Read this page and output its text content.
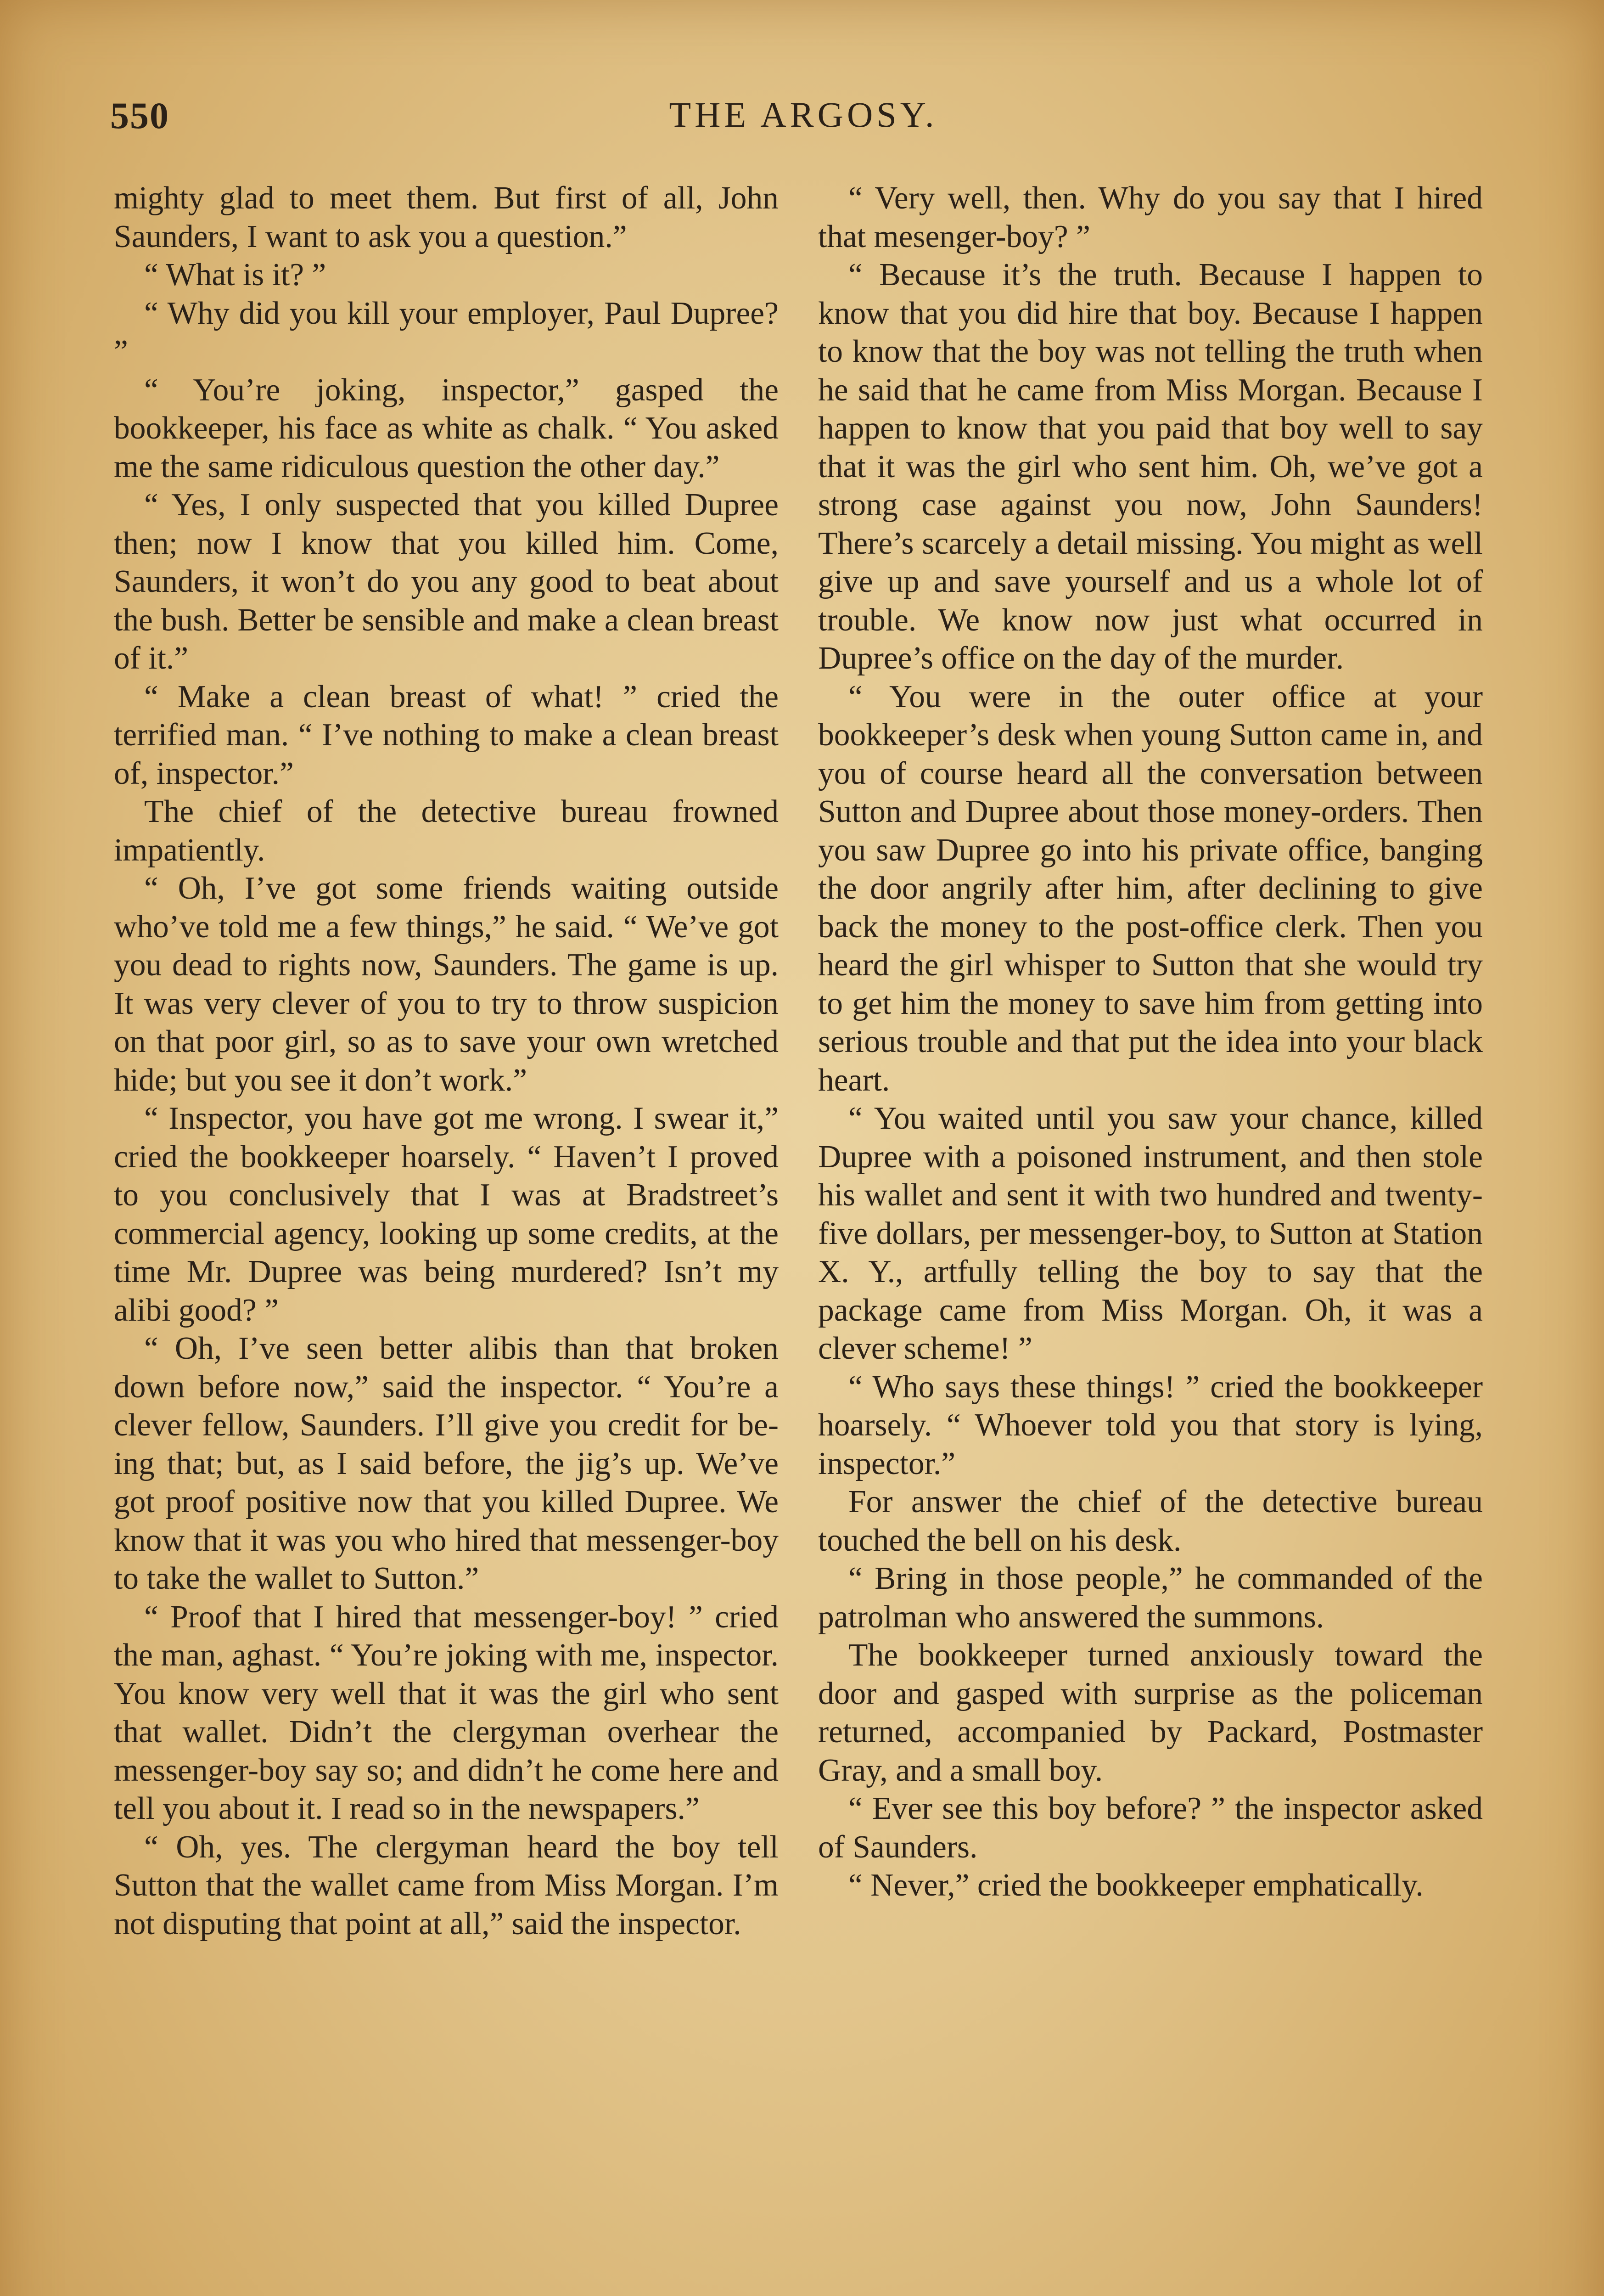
THE ARGOSY.
550

mighty glad to meet them. But first of all, John Saunders, I want to ask you a question.”

“ What is it? ”

“ Why did you kill your employer, Paul Dupree? ”

“ You’re joking, inspector,” gasped the bookkeeper, his face as white as chalk. “ You asked me the same ridiculous question the other day.”

“ Yes, I only suspected that you killed Dupree then; now I know that you killed him. Come, Saunders, it won’t do you any good to beat about the bush. Better be sensible and make a clean breast of it.”

“ Make a clean breast of what! ” cried the terrified man. “ I’ve nothing to make a clean breast of, inspector.”

The chief of the detective bureau frowned impatiently.

“ Oh, I’ve got some friends waiting outside who’ve told me a few things,” he said. “ We’ve got you dead to rights now, Saunders. The game is up. It was very clever of you to try to throw suspicion on that poor girl, so as to save your own wretched hide; but you see it don’t work.”

“ Inspector, you have got me wrong. I swear it,” cried the bookkeeper hoarsely. “ Haven’t I proved to you conclusively that I was at Bradstreet’s commercial agency, looking up some credits, at the time Mr. Dupree was being murdered? Isn’t my alibi good? ”

“ Oh, I’ve seen better alibis than that broken down before now,” said the inspector. “ You’re a clever fellow, Saunders. I’ll give you credit for being that; but, as I said before, the jig’s up. We’ve got proof positive now that you killed Dupree. We know that it was you who hired that messenger-boy to take the wallet to Sutton.”

“ Proof that I hired that messenger-boy! ” cried the man, aghast. “ You’re joking with me, inspector. You know very well that it was the girl who sent that wallet. Didn’t the clergyman overhear the messenger-boy say so; and didn’t he come here and tell you about it. I read so in the newspapers.”

“ Oh, yes. The clergyman heard the boy tell Sutton that the wallet came from Miss Morgan. I’m not disputing that point at all,” said the inspector.

“ Very well, then. Why do you say that I hired that mesenger-boy? ”

“ Because it’s the truth. Because I happen to know that you did hire that boy. Because I happen to know that the boy was not telling the truth when he said that he came from Miss Morgan. Because I happen to know that you paid that boy well to say that it was the girl who sent him. Oh, we’ve got a strong case against you now, John Saunders! There’s scarcely a detail missing. You might as well give up and save yourself and us a whole lot of trouble. We know now just what occurred in Dupree’s office on the day of the murder.

“ You were in the outer office at your bookkeeper’s desk when young Sutton came in, and you of course heard all the conversation between Sutton and Dupree about those money-orders. Then you saw Dupree go into his private office, banging the door angrily after him, after declining to give back the money to the post-office clerk. Then you heard the girl whisper to Sutton that she would try to get him the money to save him from getting into serious trouble and that put the idea into your black heart.

“ You waited until you saw your chance, killed Dupree with a poisoned instrument, and then stole his wallet and sent it with two hundred and twenty-five dollars, per messenger-boy, to Sutton at Station X. Y., artfully telling the boy to say that the package came from Miss Morgan. Oh, it was a clever scheme! ”

“ Who says these things! ” cried the bookkeeper hoarsely. “ Whoever told you that story is lying, inspector.”

For answer the chief of the detective bureau touched the bell on his desk.

“ Bring in those people,” he commanded of the patrolman who answered the summons.

The bookkeeper turned anxiously toward the door and gasped with surprise as the policeman returned, accompanied by Packard, Postmaster Gray, and a small boy.

“ Ever see this boy before? ” the inspector asked of Saunders.

“ Never,” cried the bookkeeper emphatically.
